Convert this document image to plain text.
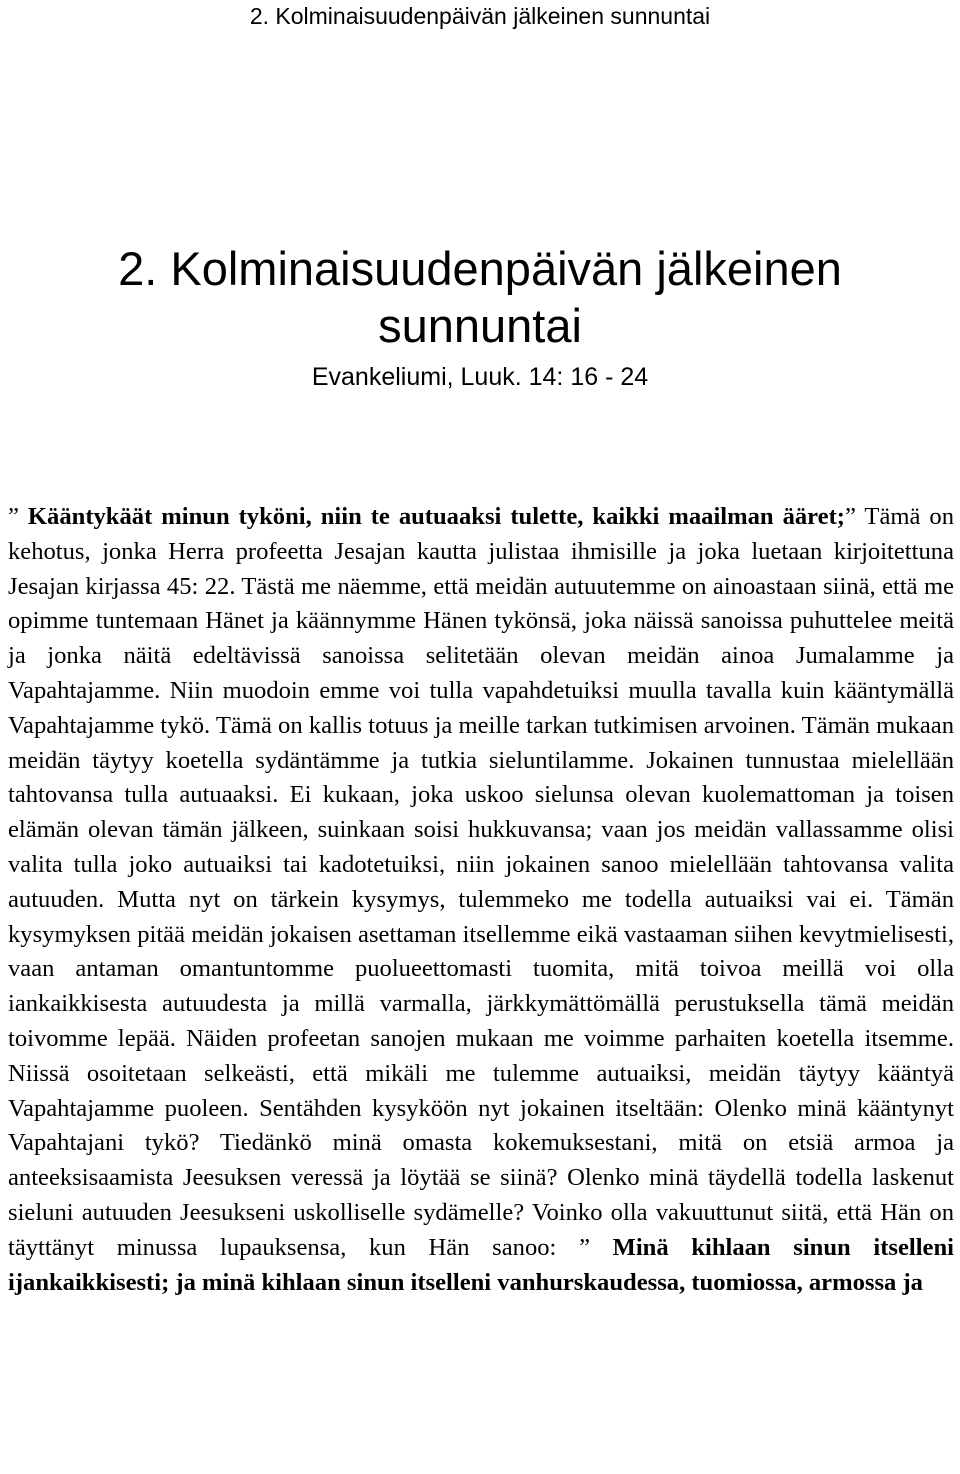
2. Kolminaisuudenpäivän jälkeinen sunnuntai
2. Kolminaisuudenpäivän jälkeinen sunnuntai
Evankeliumi, Luuk. 14: 16 - 24

” Kääntykäät minun tyköni, niin te autuaaksi tulette, kaikki maailman ääret;” Tämä on kehotus, jonka Herra profeetta Jesajan kautta julistaa ihmisille ja joka luetaan kirjoitettuna Jesajan kirjassa 45: 22. Tästä me näemme, että meidän autuutemme on ainoastaan siinä, että me opimme tuntemaan Hänet ja käännymme Hänen tykönsä, joka näissä sanoissa puhuttelee meitä ja jonka näitä edeltävissä sanoissa selitetään olevan meidän ainoa Jumalamme ja Vapahtajamme. Niin muodoin emme voi tulla vapahdetuiksi muulla tavalla kuin kääntymällä Vapahtajamme tykö. Tämä on kallis totuus ja meille tarkan tutkimisen arvoinen. Tämän mukaan meidän täytyy koetella sydäntämme ja tutkia sieluntilamme. Jokainen tunnustaa mielellään tahtovansa tulla autuaaksi. Ei kukaan, joka uskoo sielunsa olevan kuolemattoman ja toisen elämän olevan tämän jälkeen, suinkaan soisi hukkuvansa; vaan jos meidän vallassamme olisi valita tulla joko autuaiksi tai kadotetuiksi, niin jokainen sanoo mielellään tahtovansa valita autuuden. Mutta nyt on tärkein kysymys, tulemmeko me todella autuaiksi vai ei. Tämän kysymyksen pitää meidän jokaisen asettaman itsellemme eikä vastaaman siihen kevytmielisesti, vaan antaman omantuntomme puolueettomasti tuomita, mitä toivoa meillä voi olla iankaikkisesta autuudesta ja millä varmalla, järkkymättömällä perustuksella tämä meidän toivomme lepää. Näiden profeetan sanojen mukaan me voimme parhaiten koetella itsemme. Niissä osoitetaan selkeästi, että mikäli me tulemme autuaiksi, meidän täytyy kääntyä Vapahtajamme puoleen. Sentähden kysyköön nyt jokainen itseltään: Olenko minä kääntynyt Vapahtajani tykö? Tiedänkö minä omasta kokemuksestani, mitä on etsiä armoa ja anteeksisaamista Jeesuksen veressä ja löytää se siinä? Olenko minä täydellä todella laskenut sieluni autuuden Jeesukseni uskolliselle sydämelle? Voinko olla vakuuttunut siitä, että Hän on täyttänyt minussa lupauksensa, kun Hän sanoo: ” Minä kihlaan sinun itselleni ijankaikkisesti; ja minä kihlaan sinun itselleni vanhurskaudessa, tuomiossa, armossa ja
